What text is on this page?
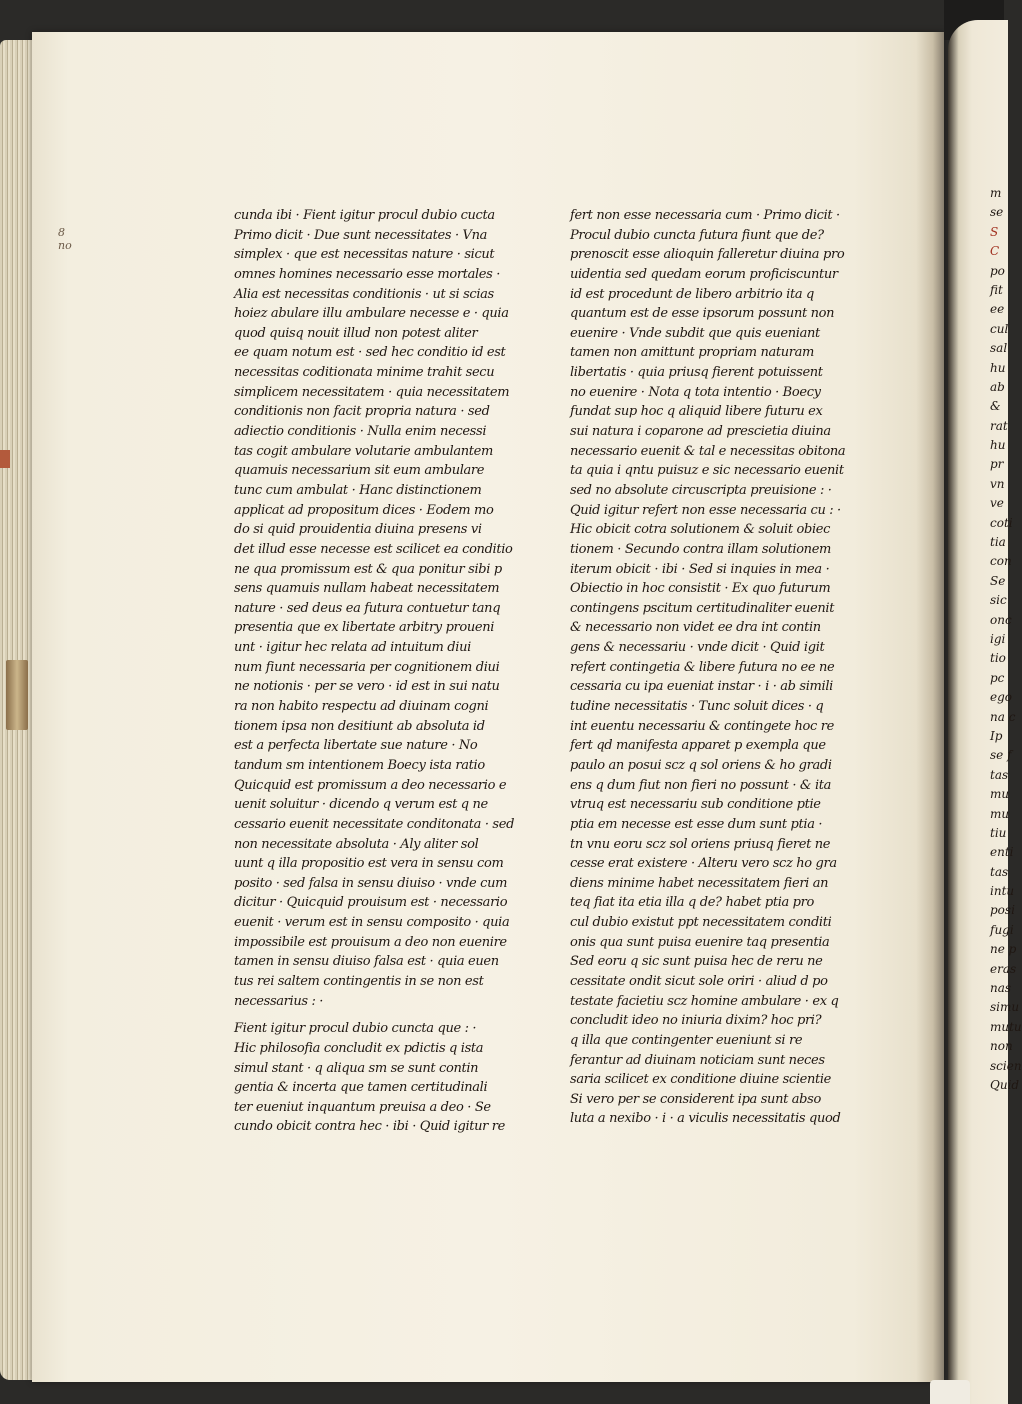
8
no
cunda ibi · Fient igitur procul dubio cucta
Primo dicit · Due sunt necessitates · Vna
simplex · que est necessitas nature · sicut
omnes homines necessario esse mortales ·
Alia est necessitas conditionis · ut si scias
hoiez abulare illu ambulare necesse e · quia
quod quisq nouit illud non potest aliter
ee quam notum est · sed hec conditio id est
necessitas coditionata minime trahit secu
simplicem necessitatem · quia necessitatem
conditionis non facit propria natura · sed
adiectio conditionis · Nulla enim necessi
tas cogit ambulare volutarie ambulantem
quamuis necessarium sit eum ambulare
tunc cum ambulat · Hanc distinctionem
applicat ad propositum dices · Eodem mo
do si quid prouidentia diuina presens vi
det illud esse necesse est scilicet ea conditio
ne qua promissum est & qua ponitur sibi p
sens quamuis nullam habeat necessitatem
nature · sed deus ea futura contuetur tanq
presentia que ex libertate arbitry proueni
unt · igitur hec relata ad intuitum diui
num fiunt necessaria per cognitionem diui
ne notionis · per se vero · id est in sui natu
ra non habito respectu ad diuinam cogni
tionem ipsa non desitiunt ab absoluta id
est a perfecta libertate sue nature · No
tandum sm intentionem Boecy ista ratio
Quicquid est promissum a deo necessario e
uenit soluitur · dicendo q verum est q ne
cessario euenit necessitate conditonata · sed
non necessitate absoluta · Aly aliter sol
uunt q illa propositio est vera in sensu com
posito · sed falsa in sensu diuiso · vnde cum
dicitur · Quicquid prouisum est · necessario
euenit · verum est in sensu composito · quia
impossibile est prouisum a deo non euenire
tamen in sensu diuiso falsa est · quia euen
tus rei saltem contingentis in se non est
necessarius : ·
Fient igitur procul dubio cuncta que : ·
Hic philosofia concludit ex pdictis q ista
simul stant · q aliqua sm se sunt contin
gentia & incerta que tamen certitudinali
ter eueniut inquantum preuisa a deo · Se
cundo obicit contra hec · ibi · Quid igitur re
fert non esse necessaria cum · Primo dicit ·
Procul dubio cuncta futura fiunt que de?
prenoscit esse alioquin falleretur diuina pro
uidentia sed quedam eorum proficiscuntur
id est procedunt de libero arbitrio ita q
quantum est de esse ipsorum possunt non
euenire · Vnde subdit que quis eueniant
tamen non amittunt propriam naturam
libertatis · quia priusq fierent potuissent
no euenire · Nota q tota intentio · Boecy
fundat sup hoc q aliquid libere futuru ex
sui natura i coparone ad prescietia diuina
necessario euenit & tal e necessitas obitona
ta quia i qntu puisuz e sic necessario euenit
sed no absolute circuscripta preuisione : ·
Quid igitur refert non esse necessaria cu : ·
Hic obicit cotra solutionem & soluit obiec
tionem · Secundo contra illam solutionem
iterum obicit · ibi · Sed si inquies in mea ·
Obiectio in hoc consistit · Ex quo futurum
contingens pscitum certitudinaliter euenit
& necessario non videt ee dra int contin
gens & necessariu · vnde dicit · Quid igit
refert contingetia & libere futura no ee ne
cessaria cu ipa eueniat instar · i · ab simili
tudine necessitatis · Tunc soluit dices · q
int euentu necessariu & contingete hoc re
fert qd manifesta apparet p exempla que
paulo an posui scz q sol oriens & ho gradi
ens q dum fiut non fieri no possunt · & ita
vtruq est necessariu sub conditione ptie
ptia em necesse est esse dum sunt ptia ·
tn vnu eoru scz sol oriens priusq fieret ne
cesse erat existere · Alteru vero scz ho gra
diens minime habet necessitatem fieri an
teq fiat ita etia illa q de? habet ptia pro
cul dubio existut ppt necessitatem conditi
onis qua sunt puisa euenire taq presentia
Sed eoru q sic sunt puisa hec de reru ne
cessitate ondit sicut sole oriri · aliud d po
testate facietiu scz homine ambulare · ex q
concludit ideo no iniuria dixim? hoc pri?
q illa que contingenter eueniunt si re
ferantur ad diuinam noticiam sunt neces
saria scilicet ex conditione diuine scientie
Si vero per se considerent ipa sunt abso
luta a nexibo · i · a viculis necessitatis quod
m
se
S
C
po
fit
ee
cul
sal
hu
ab
&
rat
hu
pr
vn
ve
coti
tia
con
Se
sic
onc
igi
tio
pc
ego
na c
Ip
se f
tas
mu
mu
tiu
enti
tas
intu
posi
fugi
ne p
eras
nas
simu
mutu
non
scien
Quid
